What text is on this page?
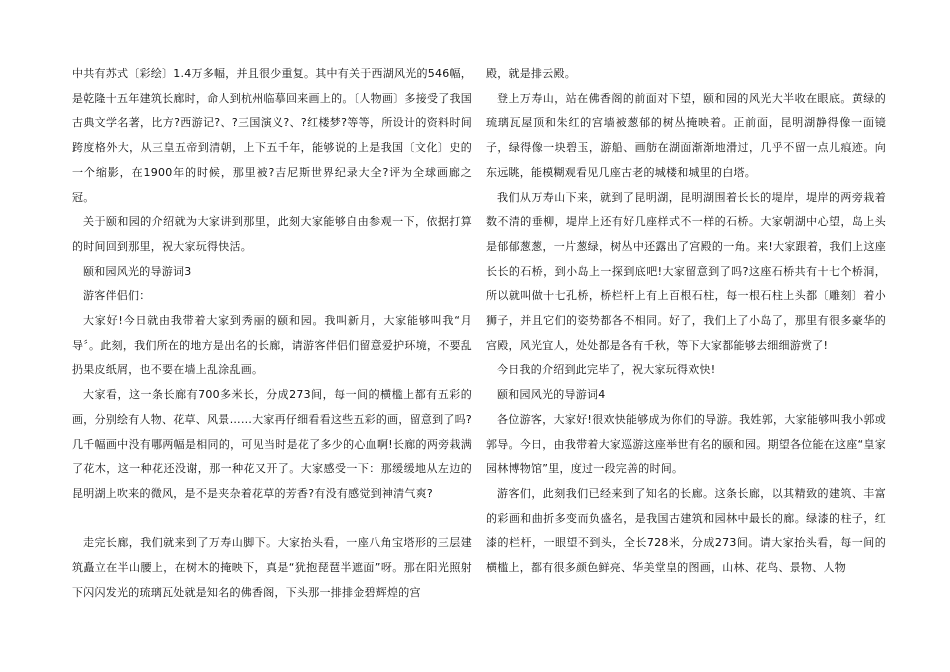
中共有苏式〔彩绘〕1.4万多幅，并且很少重复。其中有关于西湖风光的546幅，是乾隆十五年建筑长廊时，命人到杭州临摹回来画上的。〔人物画〕多接受了我国古典文学名著，比方?西游记?、?三国演义?、?红楼梦?等等，所设计的资料时间跨度格外大，从三皇五帝到清朝，上下五千年，能够说的上是我国〔文化〕史的一个缩影，在1900年的时候，那里被?吉尼斯世界纪录大全?评为全球画廊之冠。

关于颐和园的介绍就为大家讲到那里，此刻大家能够自由参观一下，依据打算的时间回到那里，祝大家玩得快活。

颐和园风光的导游词3

游客伴侣们：

大家好!今日就由我带着大家到秀丽的颐和园。我叫新月，大家能够叫我“月导〞。此刻，我们所在的地方是出名的长廊，请游客伴侣们留意爱护环境，不要乱扔果皮纸屑，也不要在墙上乱涂乱画。

大家看，这一条长廊有700多米长，分成273间，每一间的横槛上都有五彩的画，分别绘有人物、花草、风景……大家再仔细看看这些五彩的画，留意到了吗?几千幅画中没有哪两幅是相同的，可见当时是花了多少的心血啊!长廊的两旁栽满了花木，这一种花还没谢，那一种花又开了。大家感受一下：那缓缓地从左边的昆明湖上吹来的微风，是不是夹杂着花草的芳香?有没有感觉到神清气爽?

走完长廊，我们就来到了万寿山脚下。大家抬头看，一座八角宝塔形的三层建筑矗立在半山腰上，在树木的掩映下，真是“犹抱琵琶半遮面”呀。那在阳光照射下闪闪发光的琉璃瓦处就是知名的佛香阁，下头那一排排金碧辉煌的宫

殿，就是排云殿。

登上万寿山，站在佛香阁的前面对下望，颐和园的风光大半收在眼底。黄绿的琉璃瓦屋顶和朱红的宫墙被葱郁的树丛掩映着。正前面，昆明湖静得像一面镜子，绿得像一块碧玉，游船、画舫在湖面渐渐地滑过，几乎不留一点儿痕迹。向东远眺，能模糊观看见几座古老的城楼和城里的白塔。

我们从万寿山下来，就到了昆明湖，昆明湖围着长长的堤岸，堤岸的两旁栽着数不清的垂柳，堤岸上还有好几座样式不一样的石桥。大家朝湖中心望，岛上头是郁郁葱葱，一片葱绿，树丛中还露出了宫殿的一角。来!大家跟着，我们上这座长长的石桥，到小岛上一探到底吧!大家留意到了吗?这座石桥共有十七个桥洞，所以就叫做十七孔桥，桥栏杆上有上百根石柱，每一根石柱上头都〔雕刻〕着小狮子，并且它们的姿势都各不相同。好了，我们上了小岛了，那里有很多豪华的宫殿，风光宜人，处处都是各有千秋，等下大家都能够去细细游赏了!

今日我的介绍到此完毕了，祝大家玩得欢快!

颐和园风光的导游词4

各位游客，大家好!很欢快能够成为你们的导游。我姓郭，大家能够叫我小郭或郭导。今日，由我带着大家巡游这座举世有名的颐和园。期望各位能在这座“皇家园林博物馆”里，度过一段完善的时间。

游客们，此刻我们已经来到了知名的长廊。这条长廊，以其精致的建筑、丰富的彩画和曲折多变而负盛名，是我国古建筑和园林中最长的廊。绿漆的柱子，红漆的栏杆，一眼望不到头，全长728米，分成273间。请大家抬头看，每一间的横槛上，都有很多颜色鲜亮、华美堂皇的图画，山林、花鸟、景物、人物
